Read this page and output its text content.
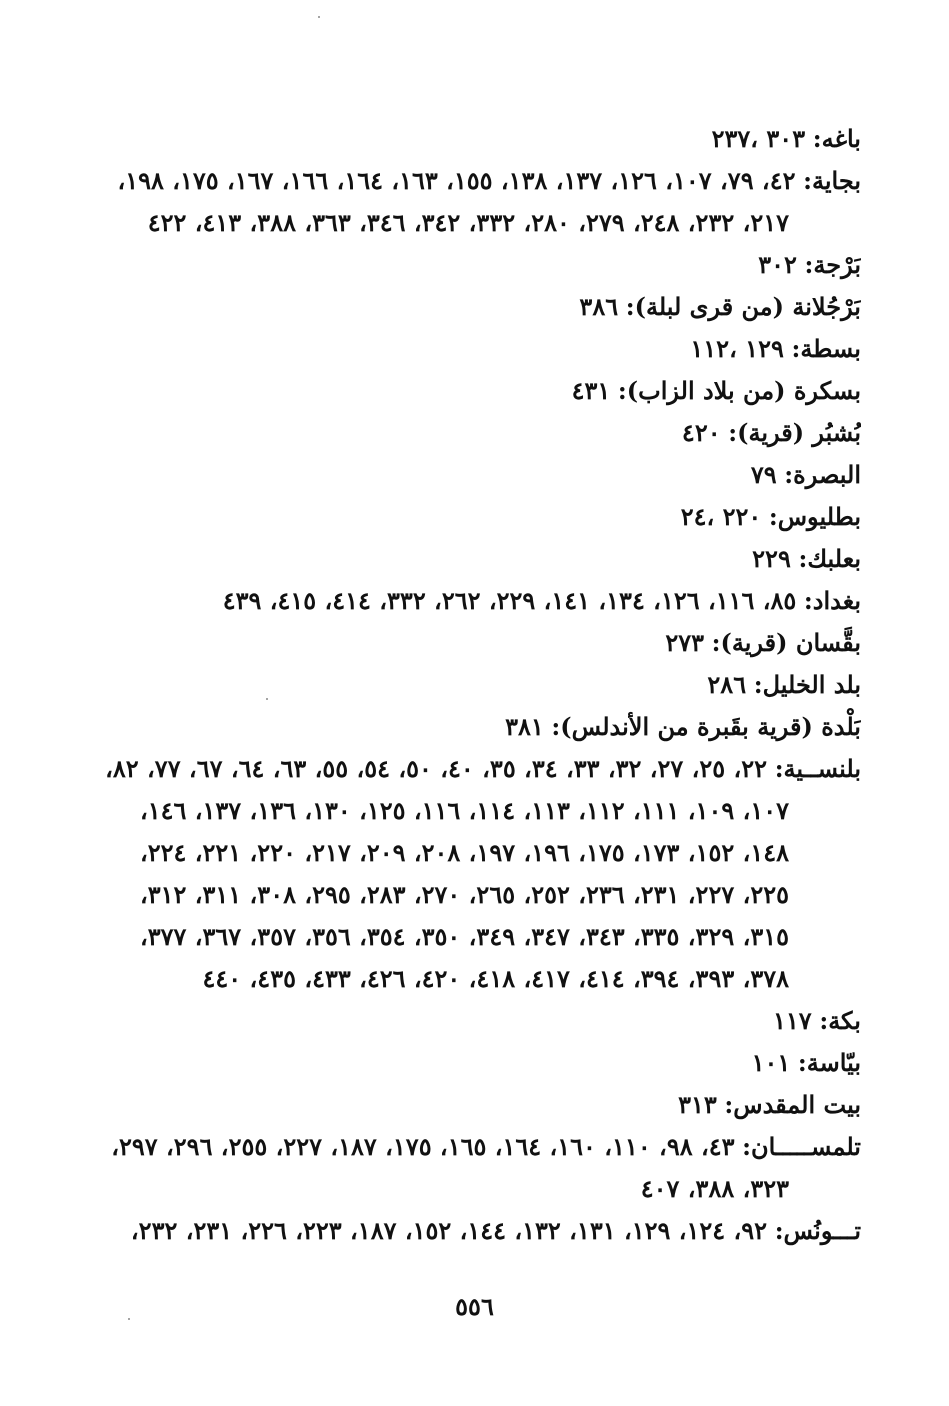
باغه: ٣٠٣ ،٢٣٧
بجاية: ٤٢، ٧٩، ١٠٧، ١٢٦، ١٣٧، ١٣٨، ١٥٥، ١٦٣، ١٦٤، ١٦٦، ١٦٧، ١٧٥، ١٩٨،
٢١٧، ٢٣٢، ٢٤٨، ٢٧٩، ٢٨٠، ٣٣٢، ٣٤٢، ٣٤٦، ٣٦٣، ٣٨٨، ٤١٣، ٤٢٢
بَرْجة: ٣٠٢
بَرْجُلانة (من قرى لبلة): ٣٨٦
بسطة: ١٢٩ ،١١٢
بسكرة (من بلاد الزاب): ٤٣١
بُشبُر (قرية): ٤٢٠
البصرة: ٧٩
بطليوس: ٢٢٠ ،٢٤
بعلبك: ٢٢٩
بغداد: ٨٥، ١١٦، ١٢٦، ١٣٤، ١٤١، ٢٢٩، ٢٦٢، ٣٣٢، ٤١٤، ٤١٥، ٤٣٩
بقَّسان (قرية): ٢٧٣
بلد الخليل: ٢٨٦
بَلْدة (قرية بقَبرة من الأندلس): ٣٨١
بلنســية: ٢٢، ٢٥، ٢٧، ٣٢، ٣٣، ٣٤، ٣٥، ٤٠، ٥٠، ٥٤، ٥٥، ٦٣، ٦٤، ٦٧، ٧٧، ٨٢،
١٠٧، ١٠٩، ١١١، ١١٢، ١١٣، ١١٤، ١١٦، ١٢٥، ١٣٠، ١٣٦، ١٣٧، ١٤٦،
١٤٨، ١٥٢، ١٧٣، ١٧٥، ١٩٦، ١٩٧، ٢٠٨، ٢٠٩، ٢١٧، ٢٢٠، ٢٢١، ٢٢٤،
٢٢٥، ٢٢٧، ٢٣١، ٢٣٦، ٢٥٢، ٢٦٥، ٢٧٠، ٢٨٣، ٢٩٥، ٣٠٨، ٣١١، ٣١٢،
٣١٥، ٣٢٩، ٣٣٥، ٣٤٣، ٣٤٧، ٣٤٩، ٣٥٠، ٣٥٤، ٣٥٦، ٣٥٧، ٣٦٧، ٣٧٧،
٣٧٨، ٣٩٣، ٣٩٤، ٤١٤، ٤١٧، ٤١٨، ٤٢٠، ٤٢٦، ٤٣٣، ٤٣٥، ٤٤٠
بكة: ١١٧
بيّاسة: ١٠١
بيت المقدس: ٣١٣
تلمســـــان: ٤٣، ٩٨، ١١٠، ١٦٠، ١٦٤، ١٦٥، ١٧٥، ١٨٧، ٢٢٧، ٢٥٥، ٢٩٦، ٢٩٧،
٣٢٣، ٣٨٨، ٤٠٧
تـــونُس: ٩٢، ١٢٤، ١٢٩، ١٣١، ١٣٢، ١٤٤، ١٥٢، ١٨٧، ٢٢٣، ٢٢٦، ٢٣١، ٢٣٢،
٥٥٦
